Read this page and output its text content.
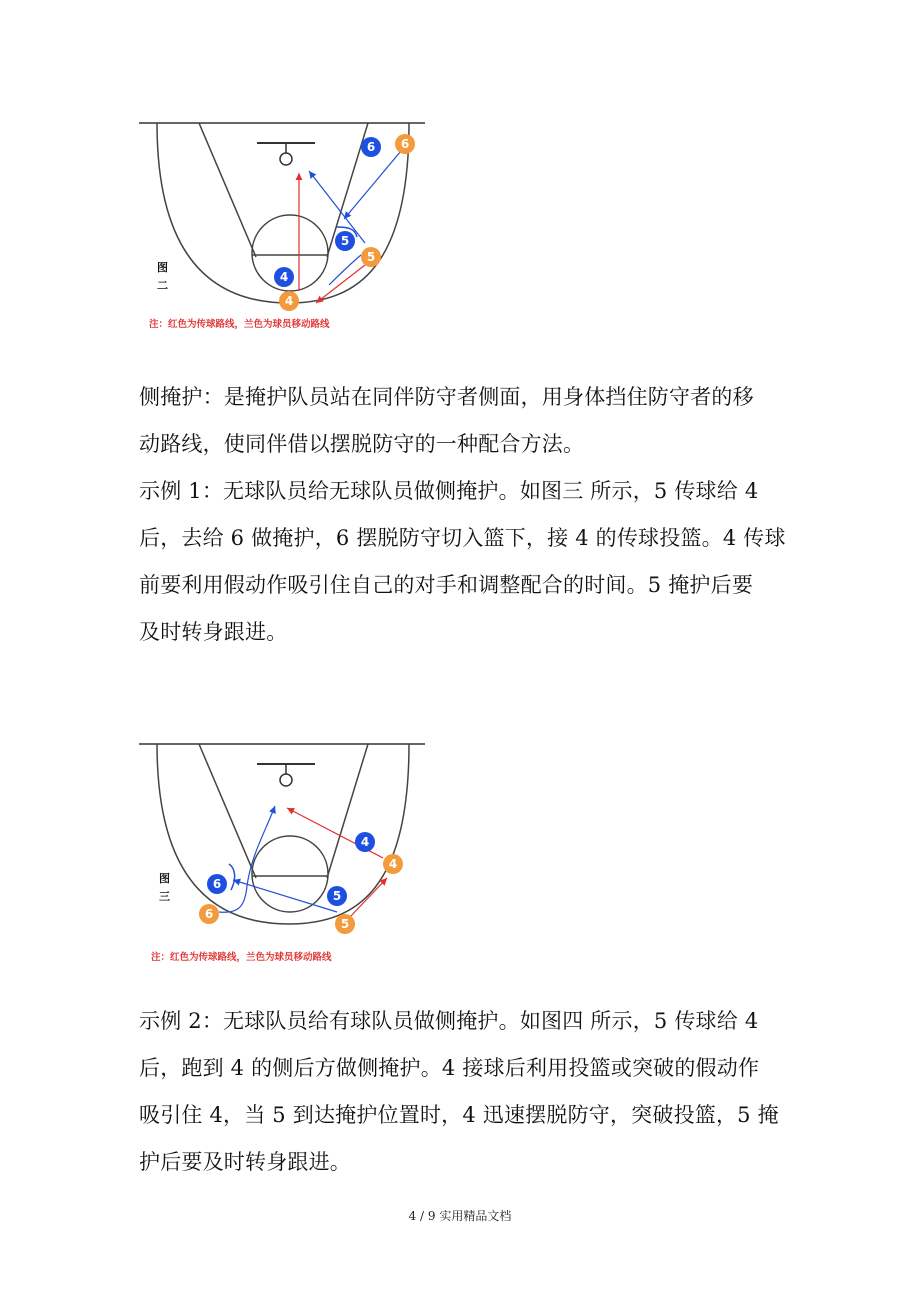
6 6
5
5
4
4
图
二
注：红色为传球路线，兰色为球员移动路线
侧掩护：是掩护队员站在同伴防守者侧面，用身体挡住防守者的移
动路线，使同伴借以摆脱防守的一种配合方法。
示例 1：无球队员给无球队员做侧掩护。如图三 所示，5 传球给 4
后，去给 6 做掩护，6 摆脱防守切入篮下，接 4 的传球投篮。4 传球
前要利用假动作吸引住自己的对手和调整配合的时间。5 掩护后要
及时转身跟进。
4
4
6
6
5
5
图
三
注：红色为传球路线，兰色为球员移动路线
示例 2：无球队员给有球队员做侧掩护。如图四 所示，5 传球给 4
后，跑到 4 的侧后方做侧掩护。4 接球后利用投篮或突破的假动作
吸引住 4，当 5 到达掩护位置时，4 迅速摆脱防守，突破投篮，5 掩
护后要及时转身跟进。
4 / 9 实用精品文档
